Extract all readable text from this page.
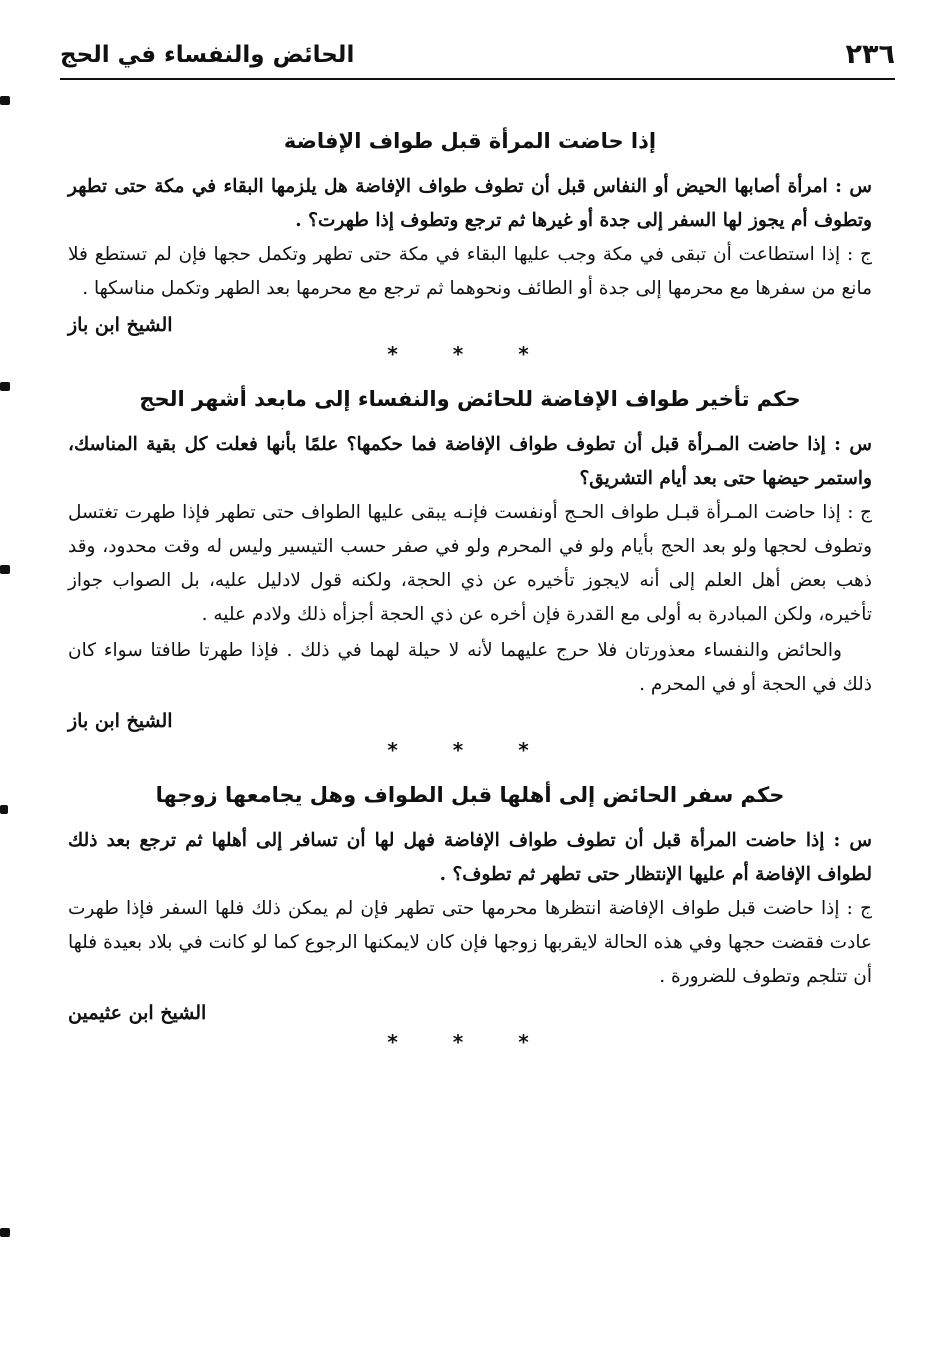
٢٣٦
الحائض والنفساء في الحج
إذا حاضت المرأة قبل طواف الإفاضة

س : امرأة أصابها الحيض أو النفاس قبل أن تطوف طواف الإفاضة هل يلزمها البقاء في مكة حتى تطهر وتطوف أم يجوز لها السفر إلى جدة أو غيرها ثم ترجع وتطوف إذا طهرت؟ .

ج : إذا استطاعت أن تبقى في مكة وجب عليها البقاء في مكة حتى تطهر وتكمل حجها فإن لم تستطع فلا مانع من سفرها مع محرمها إلى جدة أو الطائف ونحوهما ثم ترجع مع محرمها بعد الطهر وتكمل مناسكها .

الشيخ ابن باز

* * *
حكم تأخير طواف الإفاضة للحائض والنفساء إلى مابعد أشهر الحج

س : إذا حاضت المـرأة قبل أن تطوف طواف الإفاضة فما حكمها؟ علمًا بأنها فعلت كل بقية المناسك، واستمر حيضها حتى بعد أيام التشريق؟

ج : إذا حاضت المـرأة قبـل طواف الحـج أونفست فإنـه يبقى عليها الطواف حتى تطهر فإذا طهرت تغتسل وتطوف لحجها ولو بعد الحج بأيام ولو في المحرم ولو في صفر حسب التيسير وليس له وقت محدود، وقد ذهب بعض أهل العلم إلى أنه لايجوز تأخيره عن ذي الحجة، ولكنه قول لادليل عليه، بل الصواب جواز تأخيره، ولكن المبادرة به أولى مع القدرة فإن أخره عن ذي الحجة أجزأه ذلك ولادم عليه .

والحائض والنفساء معذورتان فلا حرج عليهما لأنه لا حيلة لهما في ذلك . فإذا طهرتا طافتا سواء كان ذلك في الحجة أو في المحرم .

الشيخ ابن باز

* * *
حكم سفر الحائض إلى أهلها قبل الطواف وهل يجامعها زوجها

س : إذا حاضت المرأة قبل أن تطوف طواف الإفاضة فهل لها أن تسافر إلى أهلها ثم ترجع بعد ذلك لطواف الإفاضة أم عليها الإنتظار حتى تطهر ثم تطوف؟ .

ج : إذا حاضت قبل طواف الإفاضة انتظرها محرمها حتى تطهر فإن لم يمكن ذلك فلها السفر فإذا طهرت عادت فقضت حجها وفي هذه الحالة لايقربها زوجها فإن كان لايمكنها الرجوع كما لو كانت في بلاد بعيدة فلها أن تتلجم وتطوف للضرورة .

الشيخ ابن عثيمين

* * *
